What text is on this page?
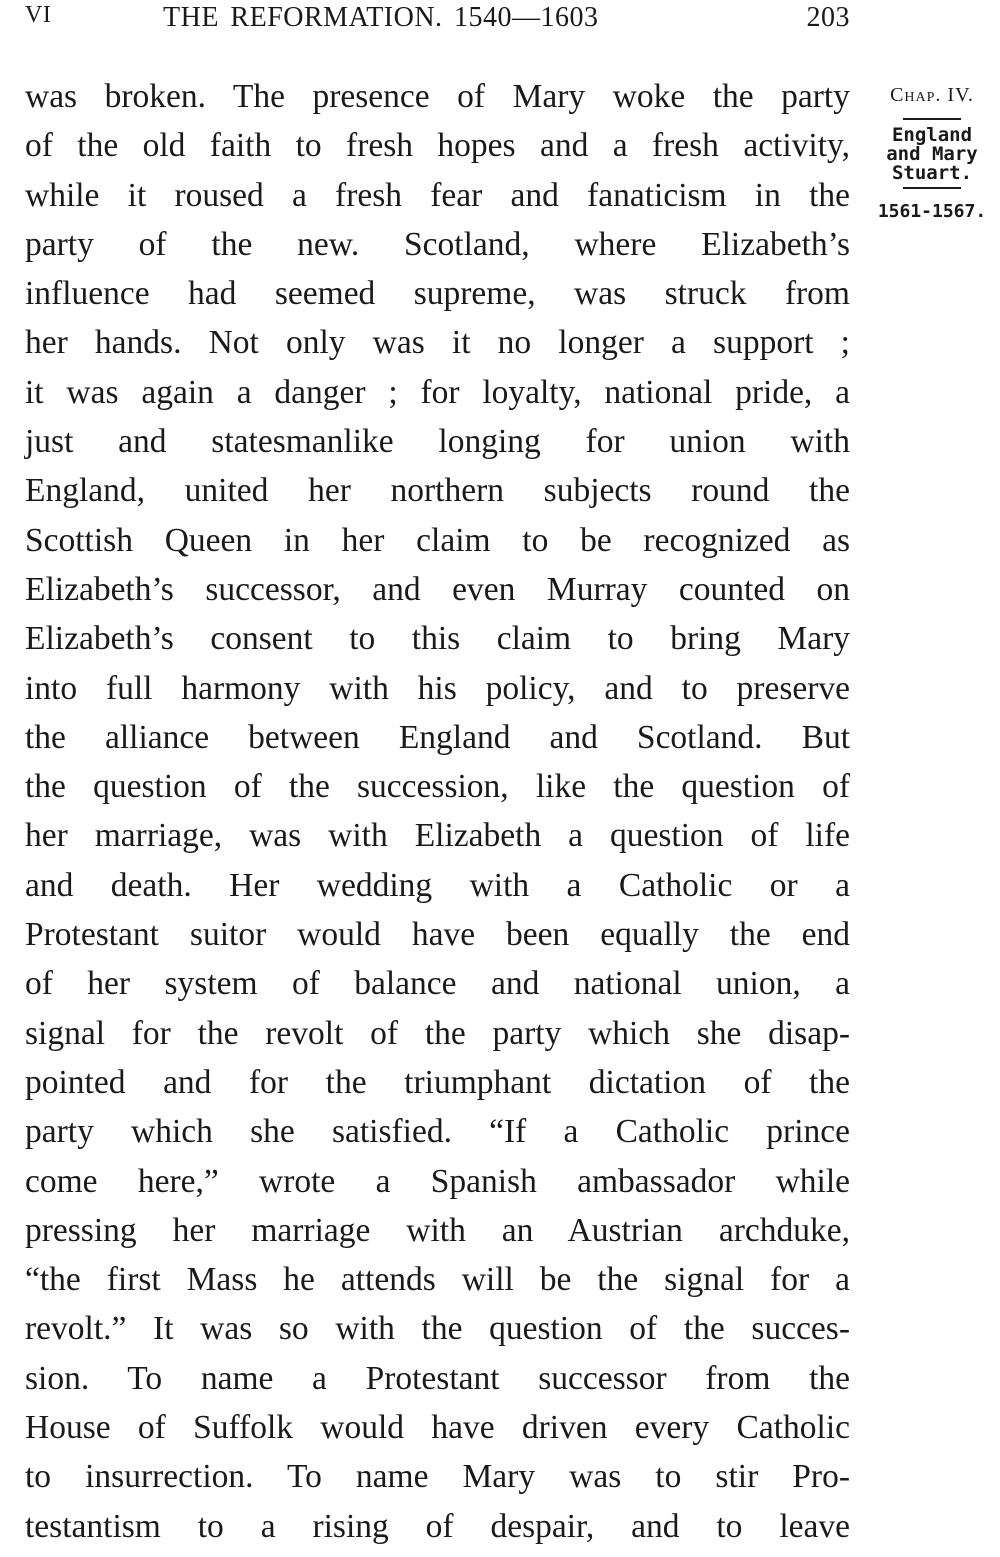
VI	THE REFORMATION. 1540—1603	203
was broken. The presence of Mary woke the party
of the old faith to fresh hopes and a fresh activity,
while it roused a fresh fear and fanaticism in the
party of the new. Scotland, where Elizabeth’s
influence had seemed supreme, was struck from
her hands. Not only was it no longer a support ;
it was again a danger ; for loyalty, national pride, a
just and statesmanlike longing for union with
England, united her northern subjects round the
Scottish Queen in her claim to be recognized as
Elizabeth’s successor, and even Murray counted on
Elizabeth’s consent to this claim to bring Mary
into full harmony with his policy, and to preserve
the alliance between England and Scotland. But
the question of the succession, like the question of
her marriage, was with Elizabeth a question of life
and death. Her wedding with a Catholic or a
Protestant suitor would have been equally the end
of her system of balance and national union, a
signal for the revolt of the party which she disap-
pointed and for the triumphant dictation of the
party which she satisfied. “If a Catholic prince
come here,” wrote a Spanish ambassador while
pressing her marriage with an Austrian archduke,
“the first Mass he attends will be the signal for a
revolt.” It was so with the question of the succes-
sion. To name a Protestant successor from the
House of Suffolk would have driven every Catholic
to insurrection. To name Mary was to stir Pro-
testantism to a rising of despair, and to leave
Chap. IV.
England
and Mary
Stuart.
1561-1567.
